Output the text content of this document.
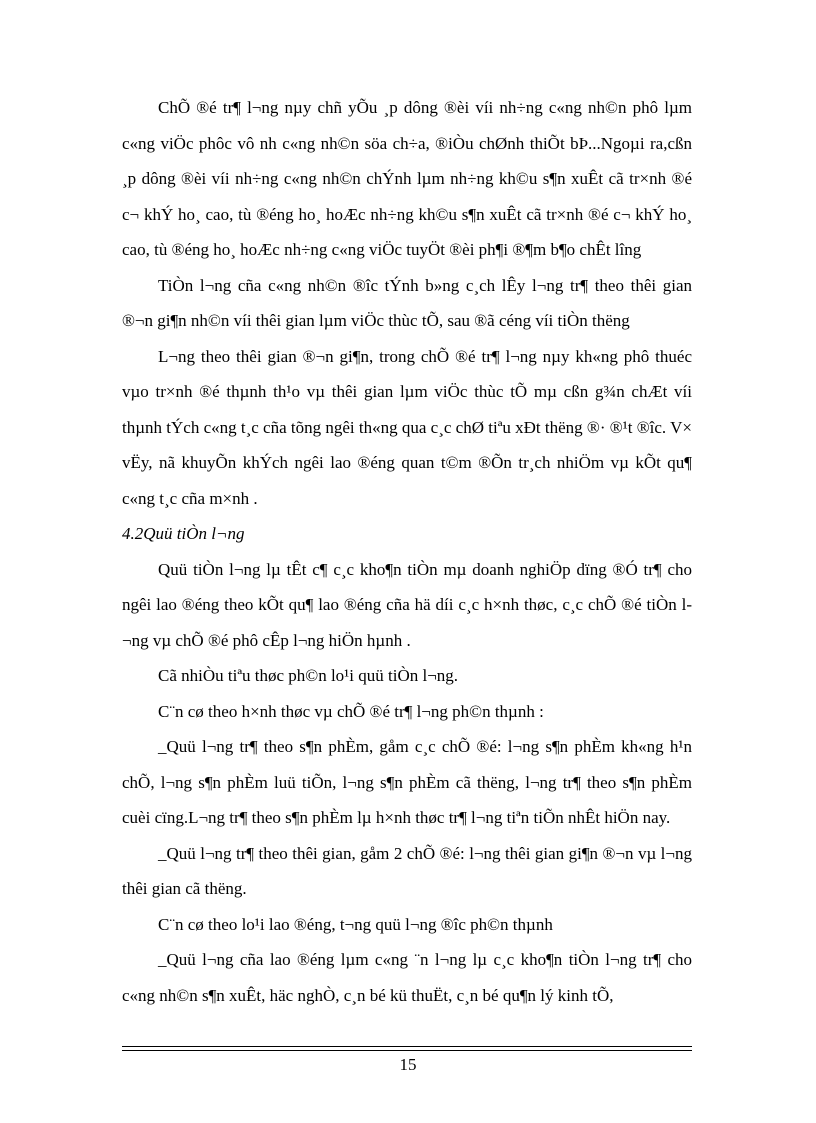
ChÕ ®é tr¶ l¬ng nµy chñ yÕu ¸p dông ®èi víi nh÷ng c«ng nh©n phô lµm c«ng viÖc phôc vô nh c«ng nh©n söa ch÷a, ®iÒu chØnh thiÕt bÞ...Ngoµi ra,cßn ¸p dông ®èi víi nh÷ng c«ng nh©n chÝnh lµm nh÷ng kh©u s¶n xuÊt cã tr×nh ®é c¬ khÝ ho¸ cao, tù ®éng ho¸ hoÆc nh÷ng kh©u s¶n xuÊt cã tr×nh ®é c¬ khÝ ho¸ cao, tù ®éng ho¸ hoÆc nh÷ng c«ng viÖc tuyÖt ®èi ph¶i ®¶m b¶o chÊt lîng

TiÒn l¬ng cña c«ng nh©n ®îc tÝnh b»ng c¸ch lÊy l¬ng tr¶ theo thêi gian ®¬n gi¶n nh©n víi thêi gian lµm viÖc thùc tÕ, sau ®ã céng víi tiÒn thëng

L¬ng theo thêi gian ®¬n gi¶n, trong chÕ ®é tr¶ l¬ng nµy kh«ng phô thuéc vµo tr×nh ®é thµnh th¹o vµ thêi gian lµm viÖc thùc tÕ mµ cßn g¾n chÆt víi thµnh tÝch c«ng t¸c cña tõng ngêi th«ng qua c¸c chØ tiªu xÐt thëng ®· ®¹t ®îc. V× vËy, nã khuyÕn khÝch ngêi lao ®éng quan t©m ®Õn tr¸ch nhiÖm vµ kÕt qu¶ c«ng t¸c cña m×nh .

4.2Quü tiÒn l¬ng

Quü tiÒn l¬ng lµ tÊt c¶ c¸c kho¶n tiÒn mµ doanh nghiÖp dïng ®Ó tr¶ cho ngêi lao ®éng theo kÕt qu¶ lao ®éng cña hä díi c¸c h×nh thøc, c¸c chÕ ®é tiÒn l¬ng vµ chÕ ®é phô cÊp l¬ng hiÖn hµnh .

Cã nhiÒu tiªu thøc ph©n lo¹i quü tiÒn l¬ng.

C¨n cø theo h×nh thøc vµ chÕ ®é tr¶ l¬ng ph©n thµnh :

_Quü l¬ng tr¶ theo s¶n phÈm, gåm c¸c chÕ ®é: l¬ng s¶n phÈm kh«ng h¹n chÕ, l¬ng s¶n phÈm luü tiÕn, l¬ng s¶n phÈm cã thëng, l¬ng tr¶ theo s¶n phÈm cuèi cïng.L¬ng tr¶ theo s¶n phÈm lµ h×nh thøc tr¶ l¬ng tiªn tiÕn nhÊt hiÖn nay.

_Quü l¬ng tr¶ theo thêi gian, gåm 2 chÕ ®é: l¬ng thêi gian gi¶n ®¬n vµ l¬ng thêi gian cã thëng.

C¨n cø theo lo¹i lao ®éng, t¬ng quü l¬ng ®îc ph©n thµnh

_Quü l¬ng cña lao ®éng lµm c«ng ¨n l¬ng lµ c¸c kho¶n tiÒn l¬ng tr¶ cho c«ng nh©n s¶n xuÊt, häc nghÒ, c¸n bé kü thuËt, c¸n bé qu¶n lý kinh tÕ,

15
